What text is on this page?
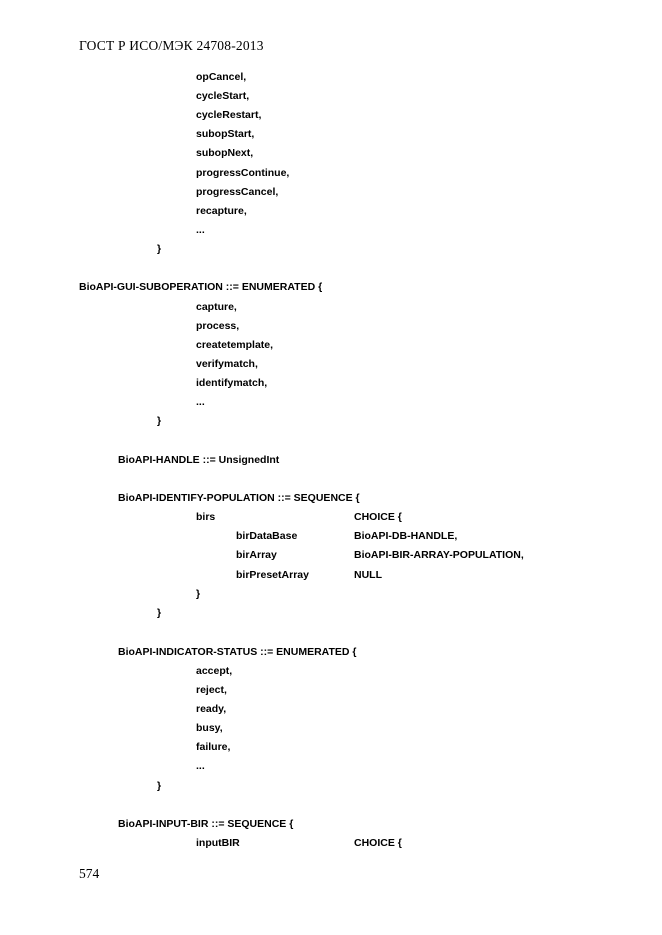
ГОСТ Р ИСО/МЭК 24708-2013
opCancel,
cycleStart,
cycleRestart,
subopStart,
subopNext,
progressContinue,
progressCancel,
recapture,
...
}
BioAPI-GUI-SUBOPERATION ::= ENUMERATED {
capture,
process,
createtemplate,
verifymatch,
identifymatch,
...
}
BioAPI-HANDLE ::= UnsignedInt
BioAPI-IDENTIFY-POPULATION ::= SEQUENCE {
birs	CHOICE {
birDataBase	BioAPI-DB-HANDLE,
birArray	BioAPI-BIR-ARRAY-POPULATION,
birPresetArray	NULL
}
}
BioAPI-INDICATOR-STATUS ::= ENUMERATED {
accept,
reject,
ready,
busy,
failure,
...
}
BioAPI-INPUT-BIR ::= SEQUENCE {
inputBIR	CHOICE {
574
